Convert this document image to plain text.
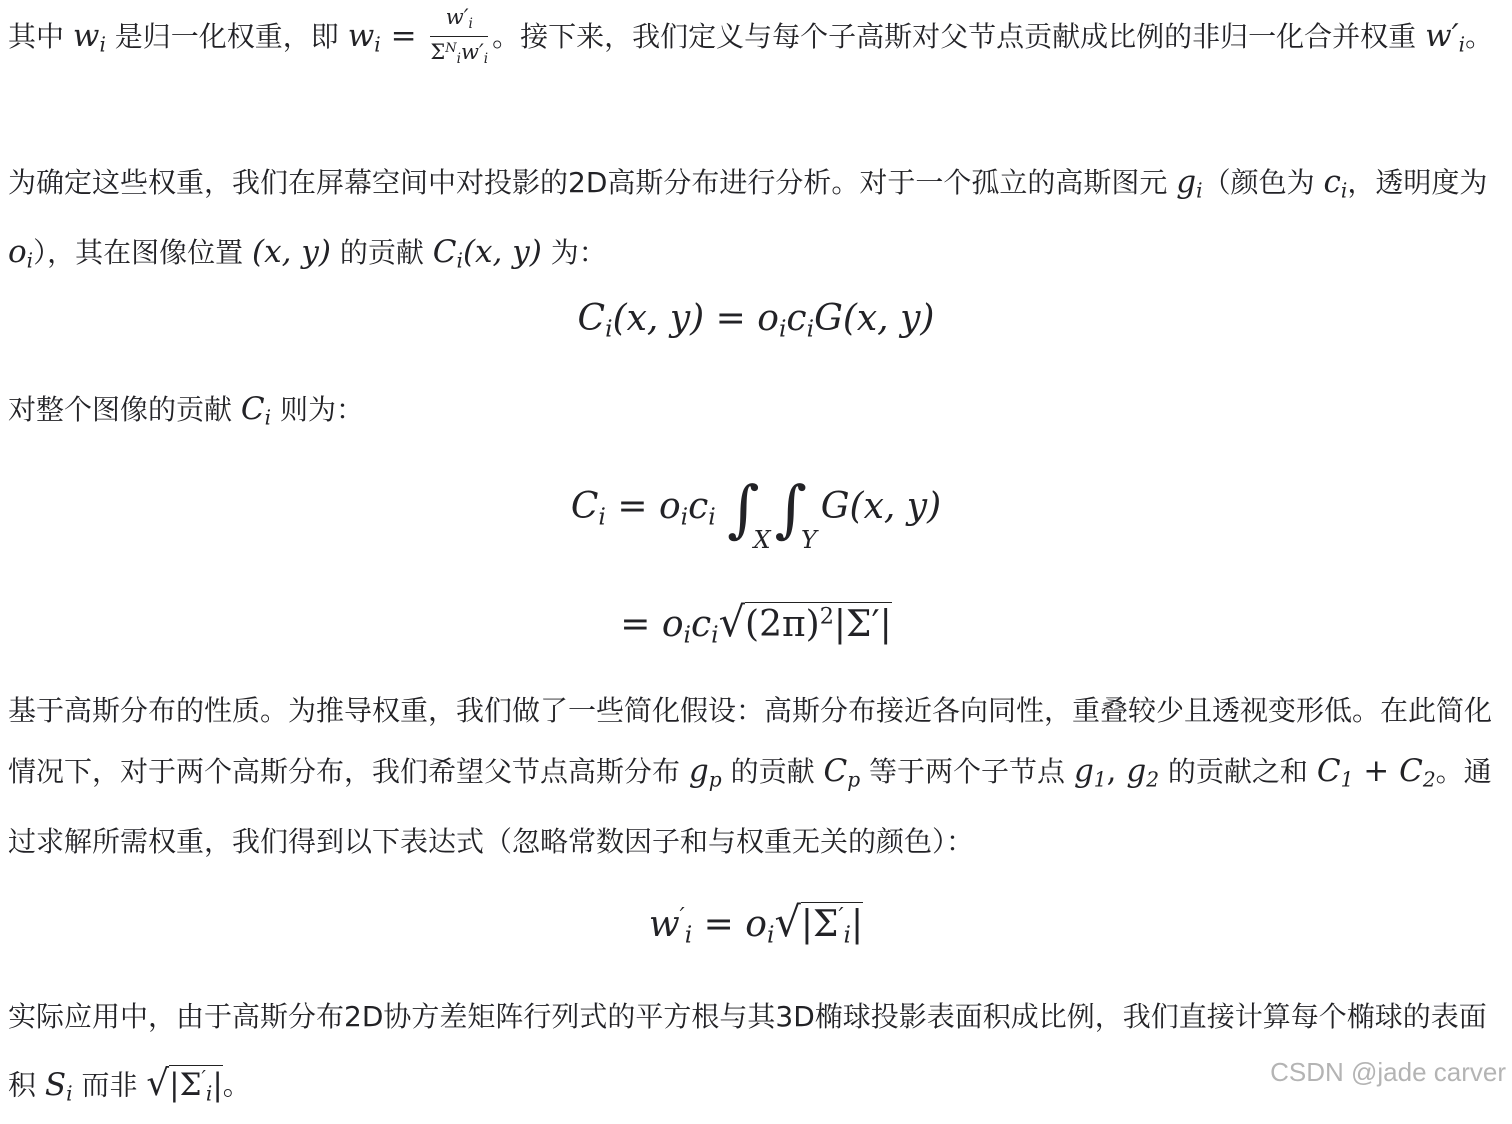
其中 $w_i$ 是归一化权重，即 $w_i = \frac{w'_i}{\Sigma^N_iw'_i}$ 。接下来，我们定义与每个子高斯对父节点贡献成比例的非归一化合并权重 $w'_i$。

为确定这些权重，我们在屏幕空间中对投影的2D高斯分布进行分析。对于一个孤立的高斯图元 $g_i$（颜色为 $c_i$，透明度为 $o_i$），其在图像位置 (x, y) 的贡献 $C_i(x$, y) 为：

$C_i(x$, $y) = o_ic_iG(x$, y)

对整个图像的贡献 $C_i$ 则为：

$C_i = o_ic_i$ $\int_X\int_YG(x$, y)
= $o_ic_i√(2\pi)^2|\Sigma'|$

基于高斯分布的性质。为推导权重，我们做了一些简化假设：高斯分布接近各向同性，重叠较少且透视变形低。在此简化情况下，对于两个高斯分布，我们希望父节点高斯分布 $g_p$ 的贡献 $C_p$ 等于两个子节点 $g_1$, $g_2$ 的贡献之和 $C_1 + C_2$。通过求解所需权重，我们得到以下表达式（忽略常数因子和与权重无关的颜色）：

$w'_i = o_i√|\Sigma'_i|$

实际应用中，由于高斯分布2D协方差矩阵行列式的平方根与其3D椭球投影表面积成比例，我们直接计算每个椭球的表面积 $S_i$ 而非 $√|\Sigma'_i|$。	CSDN @jade carver
